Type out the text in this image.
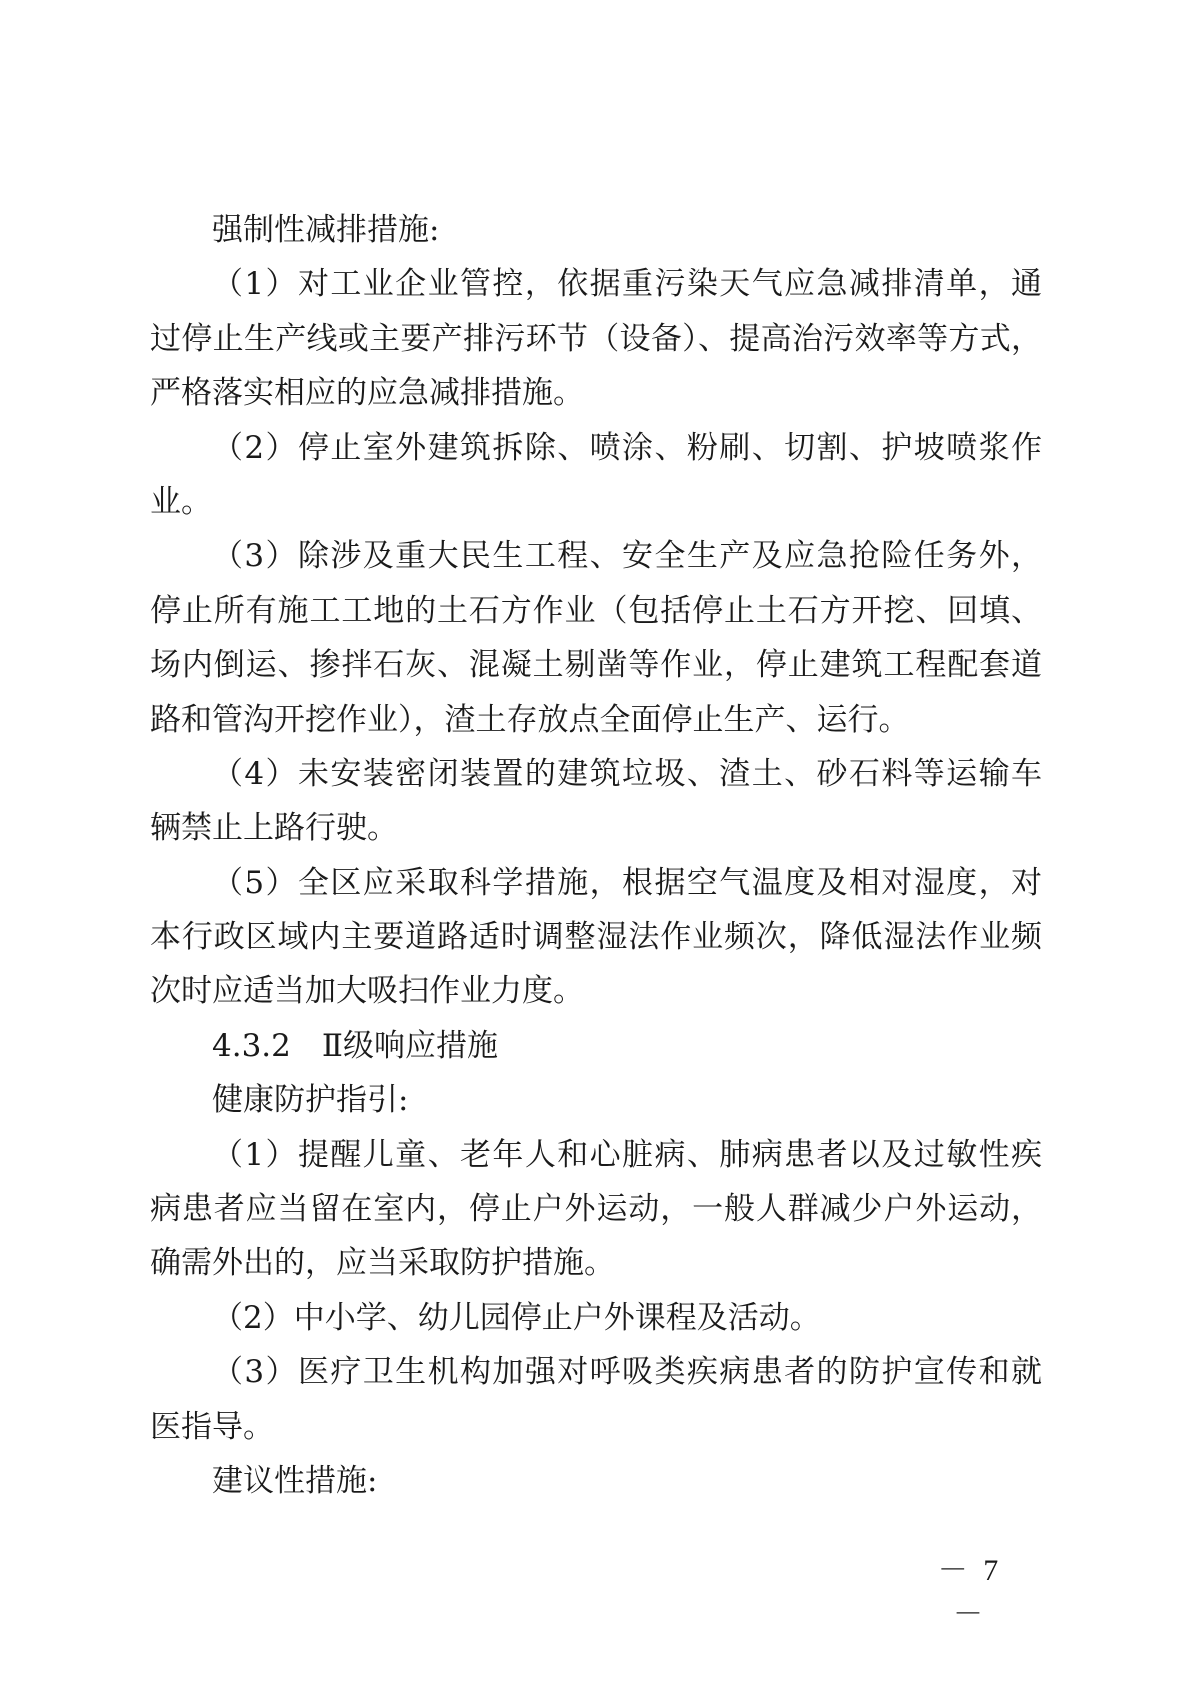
强制性减排措施:
（1）对工业企业管控，依据重污染天气应急减排清单，通
过停止生产线或主要产排污环节（设备）、提高治污效率等方式，
严格落实相应的应急减排措施。
（2）停止室外建筑拆除、喷涂、粉刷、切割、护坡喷浆作
业。
（3）除涉及重大民生工程、安全生产及应急抢险任务外，
停止所有施工工地的土石方作业（包括停止土石方开挖、回填、
场内倒运、掺拌石灰、混凝土剔凿等作业，停止建筑工程配套道
路和管沟开挖作业），渣土存放点全面停止生产、运行。
（4）未安装密闭装置的建筑垃圾、渣土、砂石料等运输车
辆禁止上路行驶。
（5）全区应采取科学措施，根据空气温度及相对湿度，对
本行政区域内主要道路适时调整湿法作业频次，降低湿法作业频
次时应适当加大吸扫作业力度。
4.3.2　Ⅱ级响应措施
健康防护指引:
（1）提醒儿童、老年人和心脏病、肺病患者以及过敏性疾
病患者应当留在室内，停止户外运动，一般人群减少户外运动，
确需外出的，应当采取防护措施。
（2）中小学、幼儿园停止户外课程及活动。
（3）医疗卫生机构加强对呼吸类疾病患者的防护宣传和就
医指导。
建议性措施:
－ 7 －
